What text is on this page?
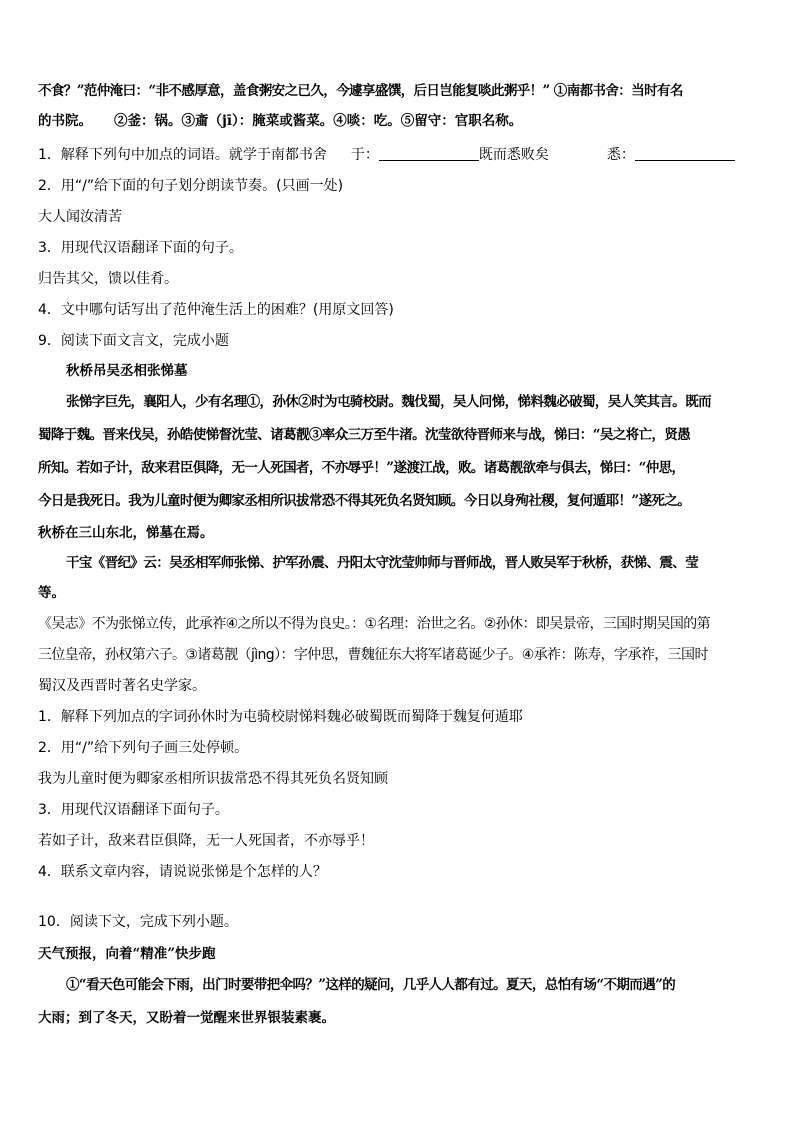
不食？”范仲淹曰：“非不感厚意，盖食粥安之已久，今遽享盛馔，后日岂能复啖此粥乎！” ①南都书舍：当时有名
的书院。 ②釜：锅。③齑（jī）：腌菜或酱菜。④啖：吃。⑤留守：官职名称。
1．解释下列句中加点的词语。就学于南都书舍 于：	既而悉败矣	悉：
2．用“/”给下面的句子划分朗读节奏。(只画一处)
大人闻汝清苦
3．用现代汉语翻译下面的句子。
归告其父，馈以佳肴。
4．文中哪句话写出了范仲淹生活上的困难？(用原文回答)
9．阅读下面文言文，完成小题
秋桥吊吴丞相张悌墓
张悌字巨先，襄阳人，少有名理①，孙休②时为屯骑校尉。魏伐蜀，吴人问悌，悌料魏必破蜀，吴人笑其言。既而
蜀降于魏。晋来伐吴，孙皓使悌督沈莹、诸葛靓③率众三万至牛渚。沈莹欲待晋师来与战，悌曰：“吴之将亡，贤愚
所知。若如子计，敌来君臣俱降，无一人死国者，不亦辱乎！”遂渡江战，败。诸葛靓欲牵与俱去，悌曰：“仲思，
今日是我死日。我为儿童时便为卿家丞相所识拔常恐不得其死负名贤知顾。今日以身殉社稷，复何遁耶！”遂死之。
秋桥在三山东北，悌墓在焉。
干宝《晋纪》云：吴丞相军师张悌、护军孙震、丹阳太守沈莹帅师与晋师战，晋人败吴军于秋桥，获悌、震、莹
等。
《吴志》不为张悌立传，此承祚④之所以不得为良史。：①名理：治世之名。②孙休：即吴景帝，三国时期吴国的第
三位皇帝，孙权第六子。③诸葛靓（jìng）：字仲思，曹魏征东大将军诸葛诞少子。④承祚：陈寿，字承祚，三国时
蜀汉及西晋时著名史学家。
1．解释下列加点的字词孙休时为屯骑校尉悌料魏必破蜀既而蜀降于魏复何遁耶
2．用“/”给下列句子画三处停顿。
我为儿童时便为卿家丞相所识拔常恐不得其死负名贤知顾
3．用现代汉语翻译下面句子。
若如子计，敌来君臣俱降，无一人死国者，不亦辱乎！
4．联系文章内容，请说说张悌是个怎样的人？
10．阅读下文，完成下列小题。
天气预报，向着“精准”快步跑
①“看天色可能会下雨，出门时要带把伞吗？”这样的疑问，几乎人人都有过。夏天，总怕有场“不期而遇”的
大雨；到了冬天，又盼着一觉醒来世界银装素裹。
